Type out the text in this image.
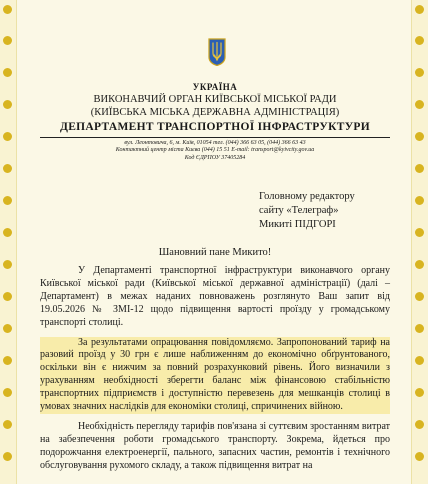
УКРАЇНА
ВИКОНАВЧИЙ ОРГАН КИЇВСЬКОЇ МІСЬКОЇ РАДИ
(КИЇВСЬКА МІСЬКА ДЕРЖАВНА АДМІНІСТРАЦІЯ)
ДЕПАРТАМЕНТ ТРАНСПОРТНОЇ ІНФРАСТРУКТУРИ
вул. Леонтовича, 6, м. Київ, 01054 тел. (044) 366 63 05, (044) 366 63 43
Контактний центр міста Києва (044) 15 51 E-mail: transport@kyivcity.gov.ua
Код ЄДРПОУ 37405284
Головному редактору
сайту «Телеграф»
Микиті ПІДГОРІ
Шановний пане Микито!

У Департаменті транспортної інфраструктури виконавчого органу Київської міської ради (Київської міської державної адміністрації) (далі – Департамент) в межах наданих повноважень розглянуто Ваш запит від 19.05.2026 № ЗМІ-12 щодо підвищення вартості проїзду у громадському транспорті столиці.

За результатами опрацювання повідомляємо. Запропонований тариф на разовий проїзд у 30 грн є лише наближенням до економічно обґрунтованого, оскільки він є нижчим за повний розрахунковий рівень. Його визначили з урахуванням необхідності зберегти баланс між фінансовою стабільністю транспортних підприємств і доступністю перевезень для мешканців столиці в умовах значних наслідків для економіки столиці, спричинених війною.

Необхідність перегляду тарифів пов'язана зі суттєвим зростанням витрат на забезпечення роботи громадського транспорту. Зокрема, йдеться про подорожчання електроенергії, пального, запасних частин, ремонтів і технічного обслуговування рухомого складу, а також підвищення витрат на
